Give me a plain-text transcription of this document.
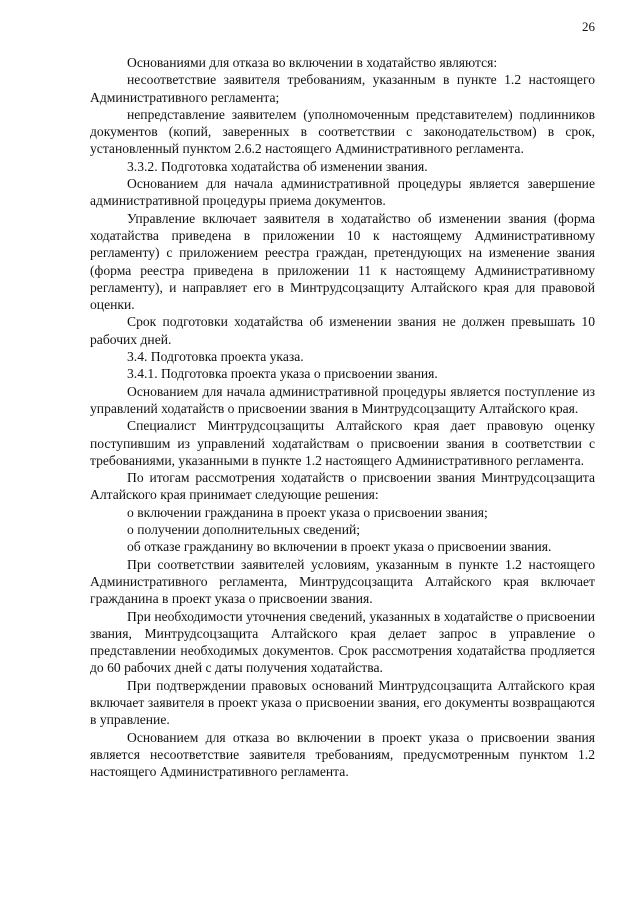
26

Основаниями для отказа во включении в ходатайство являются:

несоответствие заявителя требованиям, указанным в пункте 1.2 настоящего Административного регламента;

непредставление заявителем (уполномоченным представителем) подлинников документов (копий, заверенных в соответствии с законодательством) в срок, установленный пунктом 2.6.2 настоящего Административного регламента.

3.3.2. Подготовка ходатайства об изменении звания.

Основанием для начала административной процедуры является завершение административной процедуры приема документов.

Управление включает заявителя в ходатайство об изменении звания (форма ходатайства приведена в приложении 10 к настоящему Административному регламенту) с приложением реестра граждан, претендующих на изменение звания (форма реестра приведена в приложении 11 к настоящему Административному регламенту), и направляет его в Минтрудсоцзащиту Алтайского края для правовой оценки.

Срок подготовки ходатайства об изменении звания не должен превышать 10 рабочих дней.

3.4. Подготовка проекта указа.

3.4.1. Подготовка проекта указа о присвоении звания.

Основанием для начала административной процедуры является поступление из управлений ходатайств о присвоении звания в Минтрудсоцзащиту Алтайского края.

Специалист Минтрудсоцзащиты Алтайского края дает правовую оценку поступившим из управлений ходатайствам о присвоении звания в соответствии с требованиями, указанными в пункте 1.2 настоящего Административного регламента.

По итогам рассмотрения ходатайств о присвоении звания Минтрудсоцзащита Алтайского края принимает следующие решения:

о включении гражданина в проект указа о присвоении звания;

о получении дополнительных сведений;

об отказе гражданину во включении в проект указа о присвоении звания.

При соответствии заявителей условиям, указанным в пункте 1.2 настоящего Административного регламента, Минтрудсоцзащита Алтайского края включает гражданина в проект указа о присвоении звания.

При необходимости уточнения сведений, указанных в ходатайстве о присвоении звания, Минтрудсоцзащита Алтайского края делает запрос в управление о представлении необходимых документов. Срок рассмотрения ходатайства продляется до 60 рабочих дней с даты получения ходатайства.

При подтверждении правовых оснований Минтрудсоцзащита Алтайского края включает заявителя в проект указа о присвоении звания, его документы возвращаются в управление.

Основанием для отказа во включении в проект указа о присвоении звания является несоответствие заявителя требованиям, предусмотренным пунктом 1.2 настоящего Административного регламента.
